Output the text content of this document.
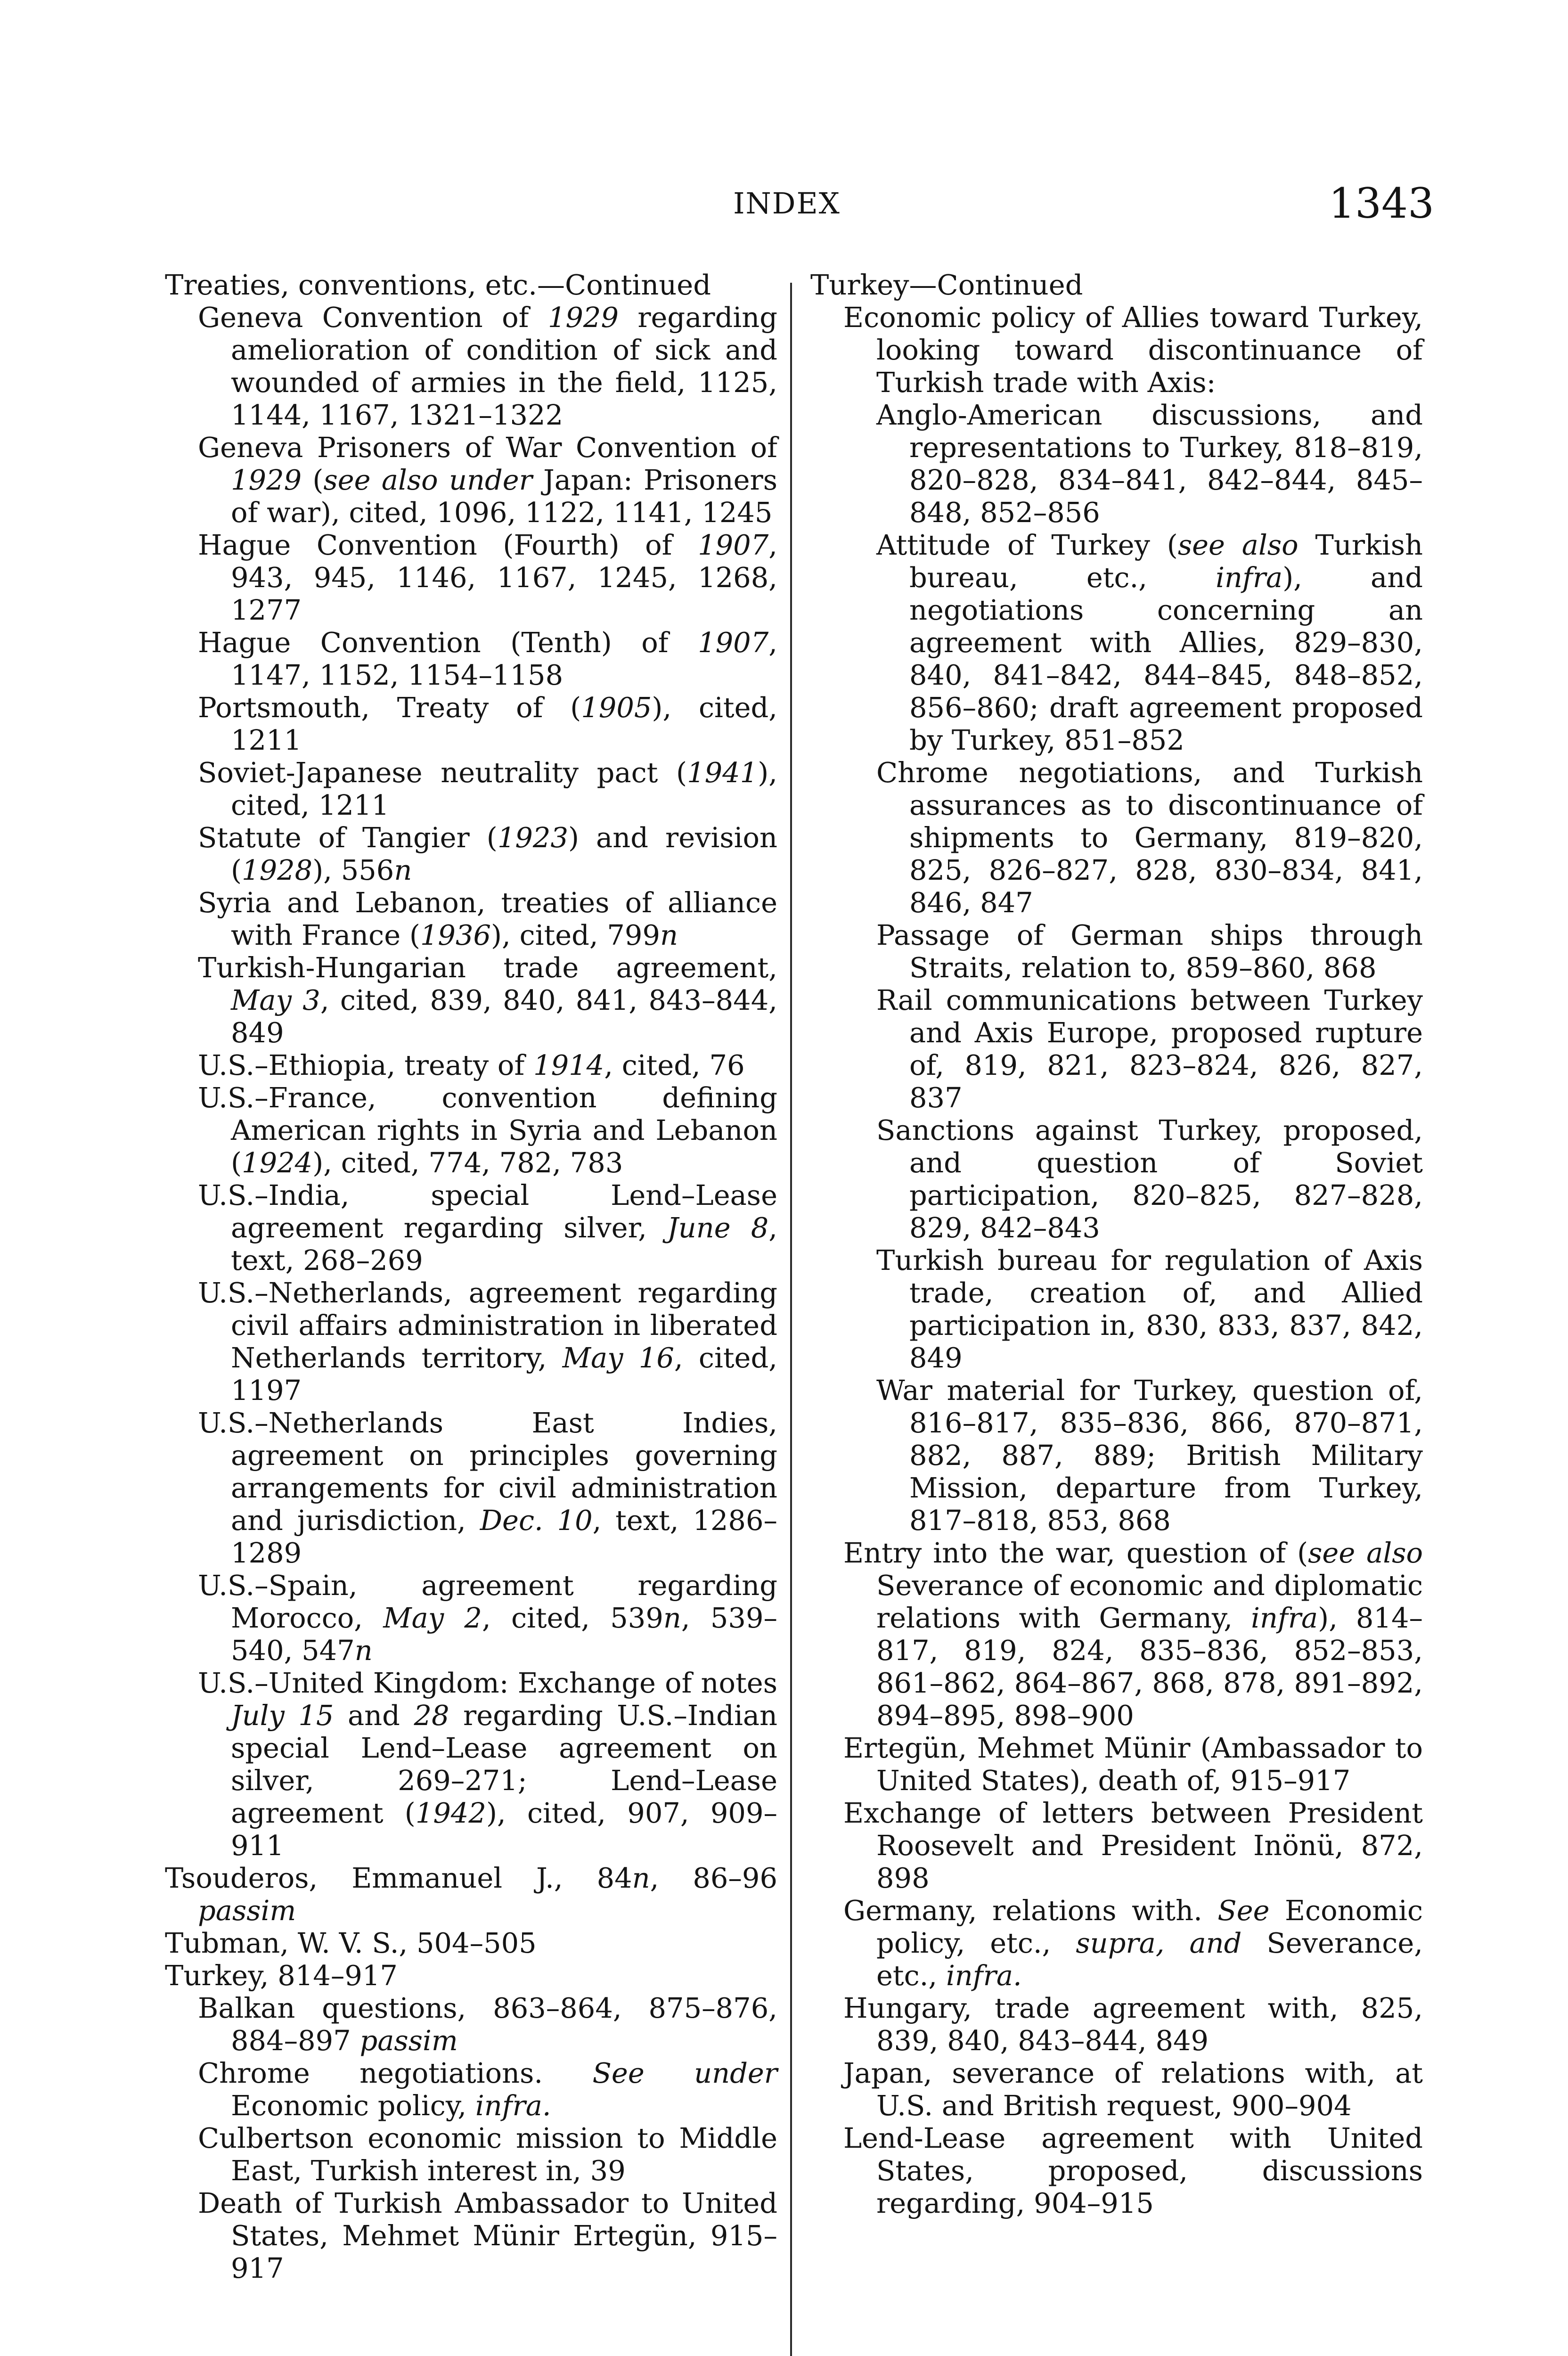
INDEX	1343

Treaties, conventions, etc.—Continued

Geneva Convention of 1929 regarding amelioration of condition of sick and wounded of armies in the field, 1125, 1144, 1167, 1321–1322

Geneva Prisoners of War Convention of 1929 (see also under Japan: Prisoners of war), cited, 1096, 1122, 1141, 1245

Hague Convention (Fourth) of 1907, 943, 945, 1146, 1167, 1245, 1268, 1277

Hague Convention (Tenth) of 1907, 1147, 1152, 1154–1158

Portsmouth, Treaty of (1905), cited, 1211

Soviet-Japanese neutrality pact (1941), cited, 1211

Statute of Tangier (1923) and revision (1928), 556n

Syria and Lebanon, treaties of alliance with France (1936), cited, 799n

Turkish-Hungarian trade agreement, May 3, cited, 839, 840, 841, 843–844, 849

U.S.–Ethiopia, treaty of 1914, cited, 76

U.S.–France, convention defining American rights in Syria and Lebanon (1924), cited, 774, 782, 783

U.S.–India, special Lend–Lease agreement regarding silver, June 8, text, 268–269

U.S.–Netherlands, agreement regarding civil affairs administration in liberated Netherlands territory, May 16, cited, 1197

U.S.–Netherlands East Indies, agreement on principles governing arrangements for civil administration and jurisdiction, Dec. 10, text, 1286–1289

U.S.–Spain, agreement regarding Morocco, May 2, cited, 539n, 539–540, 547n

U.S.–United Kingdom: Exchange of notes July 15 and 28 regarding U.S.–Indian special Lend–Lease agreement on silver, 269–271; Lend–Lease agreement (1942), cited, 907, 909–911

Tsouderos, Emmanuel J., 84n, 86–96 passim

Tubman, W. V. S., 504–505

Turkey, 814–917

Balkan questions, 863–864, 875–876, 884–897 passim

Chrome negotiations. See under Economic policy, infra.

Culbertson economic mission to Middle East, Turkish interest in, 39

Death of Turkish Ambassador to United States, Mehmet Münir Ertegün, 915–917

Turkey—Continued

Economic policy of Allies toward Turkey, looking toward discontinuance of Turkish trade with Axis:

Anglo-American discussions, and representations to Turkey, 818–819, 820–828, 834–841, 842–844, 845–848, 852–856

Attitude of Turkey (see also Turkish bureau, etc., infra), and negotiations concerning an agreement with Allies, 829–830, 840, 841–842, 844–845, 848–852, 856–860; draft agreement proposed by Turkey, 851–852

Chrome negotiations, and Turkish assurances as to discontinuance of shipments to Germany, 819–820, 825, 826–827, 828, 830–834, 841, 846, 847

Passage of German ships through Straits, relation to, 859–860, 868

Rail communications between Turkey and Axis Europe, proposed rupture of, 819, 821, 823–824, 826, 827, 837

Sanctions against Turkey, proposed, and question of Soviet participation, 820–825, 827–828, 829, 842–843

Turkish bureau for regulation of Axis trade, creation of, and Allied participation in, 830, 833, 837, 842, 849

War material for Turkey, question of, 816–817, 835–836, 866, 870–871, 882, 887, 889; British Military Mission, departure from Turkey, 817–818, 853, 868

Entry into the war, question of (see also Severance of economic and diplomatic relations with Germany, infra), 814–817, 819, 824, 835–836, 852–853, 861–862, 864–867, 868, 878, 891–892, 894–895, 898–900

Ertegün, Mehmet Münir (Ambassador to United States), death of, 915–917

Exchange of letters between President Roosevelt and President Inönü, 872, 898

Germany, relations with. See Economic policy, etc., supra, and Severance, etc., infra.

Hungary, trade agreement with, 825, 839, 840, 843–844, 849

Japan, severance of relations with, at U.S. and British request, 900–904

Lend-Lease agreement with United States, proposed, discussions regarding, 904–915
